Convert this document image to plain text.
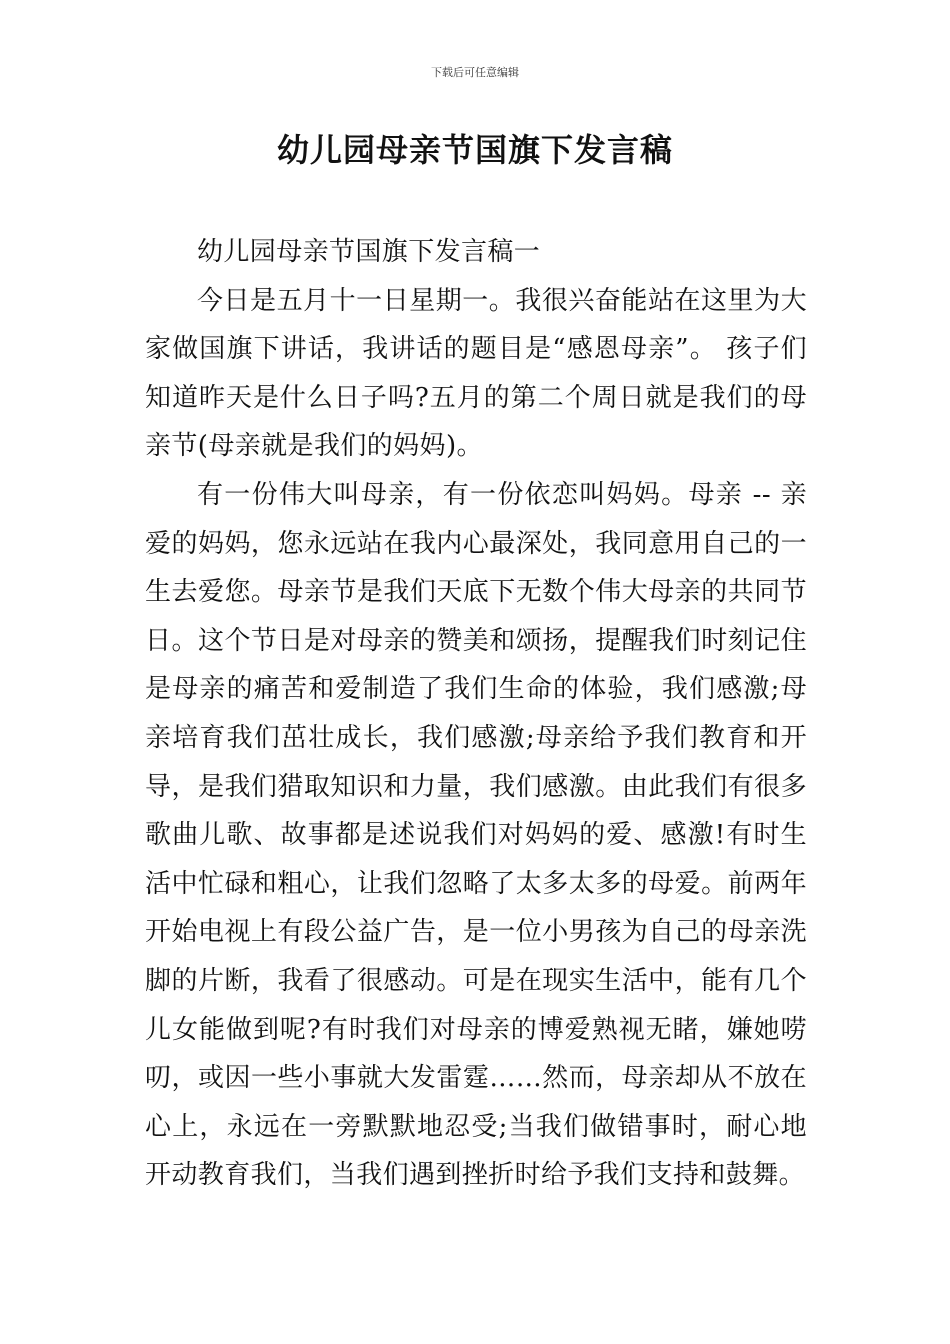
下载后可任意编辑
幼儿园母亲节国旗下发言稿

幼儿园母亲节国旗下发言稿一

今日是五月十一日星期一。我很兴奋能站在这里为大家做国旗下讲话，我讲话的题目是“感恩母亲”。 孩子们知道昨天是什么日子吗?五月的第二个周日就是我们的母亲节(母亲就是我们的妈妈)。

有一份伟大叫母亲，有一份依恋叫妈妈。母亲 -- 亲爱的妈妈，您永远站在我内心最深处，我同意用自己的一生去爱您。母亲节是我们天底下无数个伟大母亲的共同节日。这个节日是对母亲的赞美和颂扬，提醒我们时刻记住是母亲的痛苦和爱制造了我们生命的体验，我们感激;母亲培育我们茁壮成长，我们感激;母亲给予我们教育和开导，是我们猎取知识和力量，我们感激。由此我们有很多歌曲儿歌、故事都是述说我们对妈妈的爱、感激!有时生活中忙碌和粗心，让我们忽略了太多太多的母爱。前两年开始电视上有段公益广告，是一位小男孩为自己的母亲洗脚的片断，我看了很感动。可是在现实生活中，能有几个儿女能做到呢?有时我们对母亲的博爱熟视无睹，嫌她唠叨，或因一些小事就大发雷霆……然而，母亲却从不放在心上，永远在一旁默默地忍受;当我们做错事时，耐心地开动教育我们，当我们遇到挫折时给予我们支持和鼓舞。
